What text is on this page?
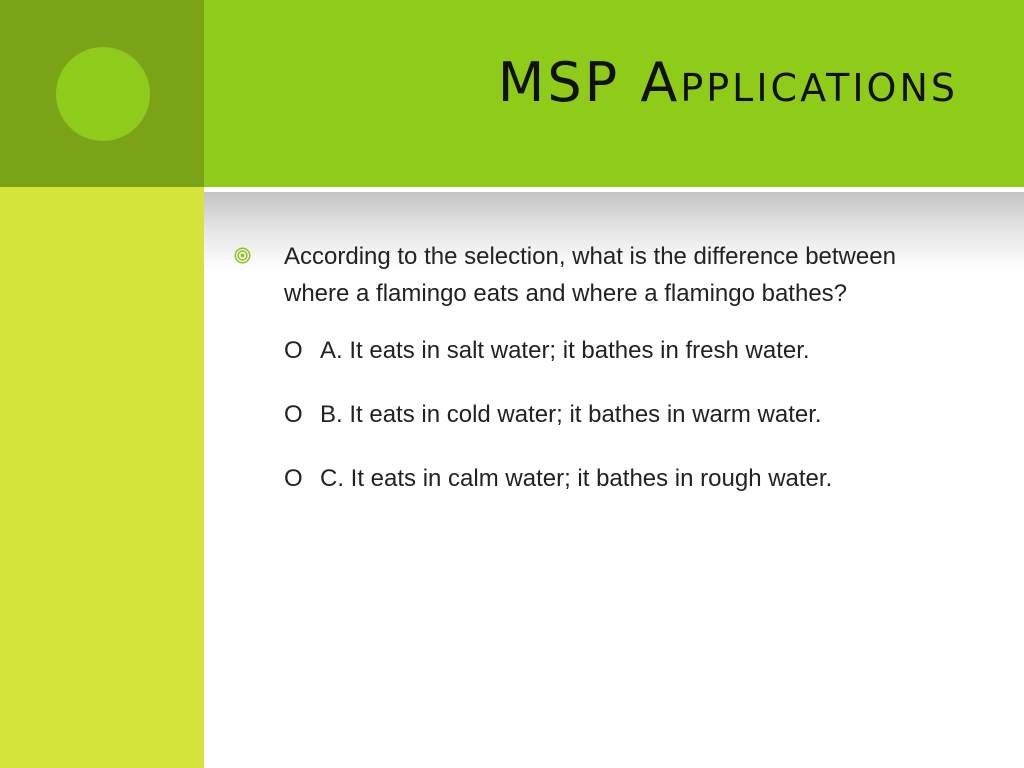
MSP Applications

According to the selection, what is the difference between where a flamingo eats and where a flamingo bathes?

O A. It eats in salt water; it bathes in fresh water.
O B. It eats in cold water; it bathes in warm water.
O C. It eats in calm water; it bathes in rough water.
